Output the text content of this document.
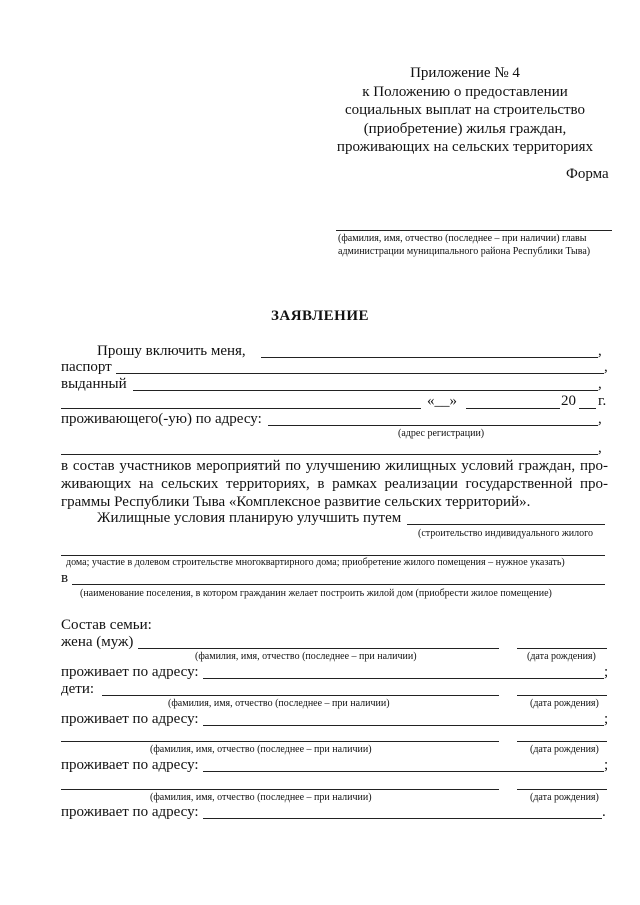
Приложение № 4
к Положению о предоставлении
социальных выплат на строительство
(приобретение) жилья граждан,
проживающих на сельских территориях
Форма
(фамилия, имя, отчество (последнее – при наличии) главы
администрации муниципального района Республики Тыва)
ЗАЯВЛЕНИЕ
Прошу включить меня,	,
паспорт	,
выданный	,
«__»	20 г.
проживающего(-ую) по адресу:	,
(адрес регистрации)
,
в состав участников мероприятий по улучшению жилищных условий граждан, про-
живающих на сельских территориях, в рамках реализации государственной про-
граммы Республики Тыва «Комплексное развитие сельских территорий».
Жилищные условия планирую улучшить путем
(строительство индивидуального жилого
дома; участие в долевом строительстве многоквартирного дома; приобретение жилого помещения – нужное указать)
в
(наименование поселения, в котором гражданин желает построить жилой дом (приобрести жилое помещение)
Состав семьи:
жена (муж)
(фамилия, имя, отчество (последнее – при наличии)	(дата рождения)
проживает по адресу:	;
дети:
(фамилия, имя, отчество (последнее – при наличии)	(дата рождения)
проживает по адресу:	;
(фамилия, имя, отчество (последнее – при наличии)	(дата рождения)
проживает по адресу:	;
(фамилия, имя, отчество (последнее – при наличии)	(дата рождения)
проживает по адресу:	.
